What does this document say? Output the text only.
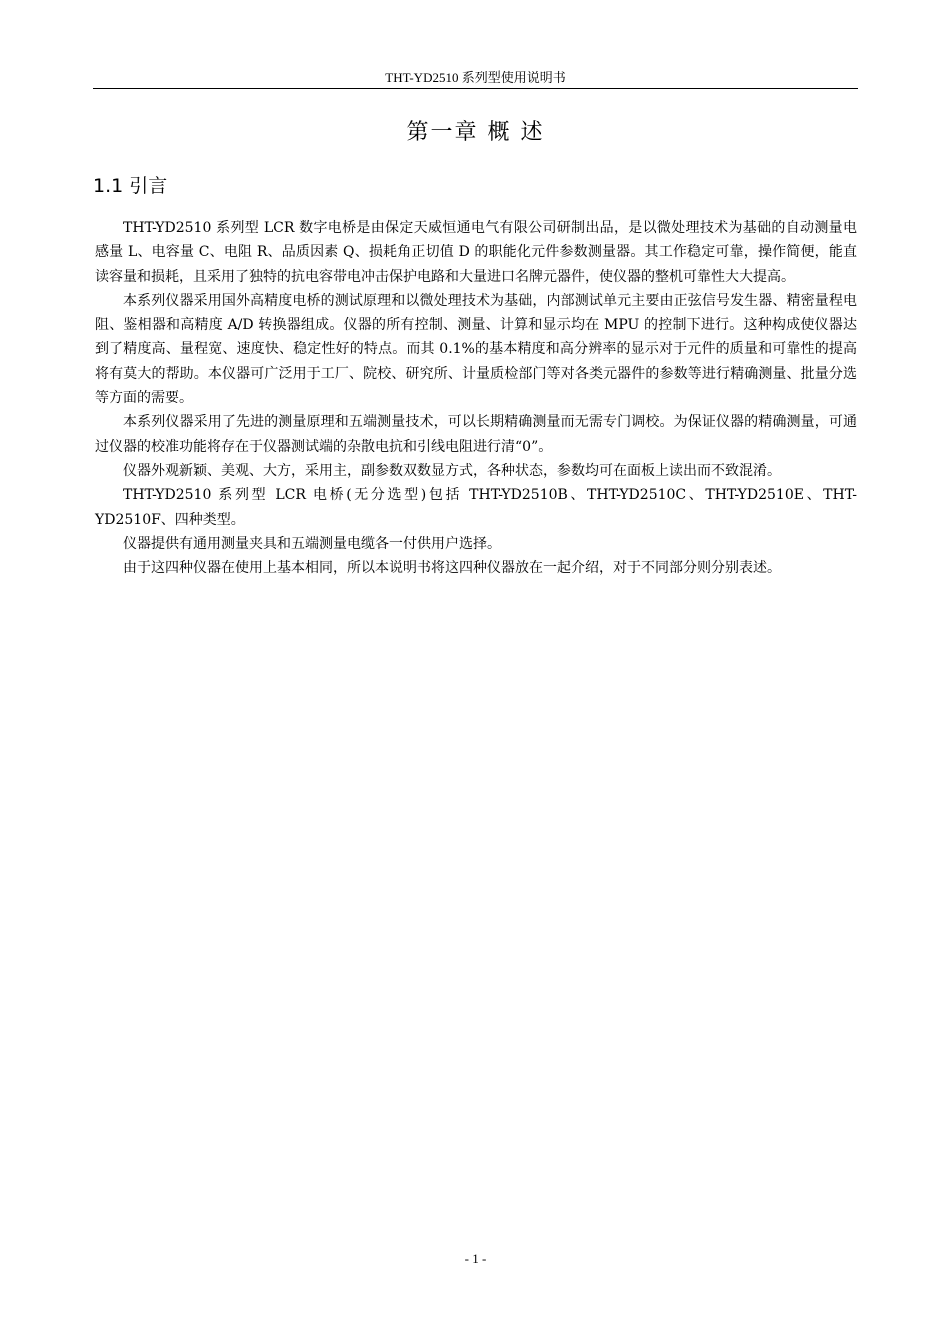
THT-YD2510 系列型使用说明书
第一章 概 述
1.1 引言

THT-YD2510 系列型 LCR 数字电桥是由保定天威恒通电气有限公司研制出品，是以微处理技术为基础的自动测量电感量 L、电容量 C、电阻 R、品质因素 Q、损耗角正切值 D 的职能化元件参数测量器。其工作稳定可靠，操作简便，能直读容量和损耗，且采用了独特的抗电容带电冲击保护电路和大量进口名牌元器件，使仪器的整机可靠性大大提高。

本系列仪器采用国外高精度电桥的测试原理和以微处理技术为基础，内部测试单元主要由正弦信号发生器、精密量程电阻、鉴相器和高精度 A/D 转换器组成。仪器的所有控制、测量、计算和显示均在 MPU 的控制下进行。这种构成使仪器达到了精度高、量程宽、速度快、稳定性好的特点。而其 0.1%的基本精度和高分辨率的显示对于元件的质量和可靠性的提高将有莫大的帮助。本仪器可广泛用于工厂、院校、研究所、计量质检部门等对各类元器件的参数等进行精确测量、批量分选等方面的需要。

本系列仪器采用了先进的测量原理和五端测量技术，可以长期精确测量而无需专门调校。为保证仪器的精确测量，可通过仪器的校准功能将存在于仪器测试端的杂散电抗和引线电阻进行清“0”。

仪器外观新颖、美观、大方，采用主，副参数双数显方式，各种状态，参数均可在面板上读出而不致混淆。

THT-YD2510 系列型 LCR 电桥(无分选型)包括 THT-YD2510B、THT-YD2510C、THT-YD2510E、THT-YD2510F、四种类型。

仪器提供有通用测量夹具和五端测量电缆各一付供用户选择。

由于这四种仪器在使用上基本相同，所以本说明书将这四种仪器放在一起介绍，对于不同部分则分别表述。

- 1 -
